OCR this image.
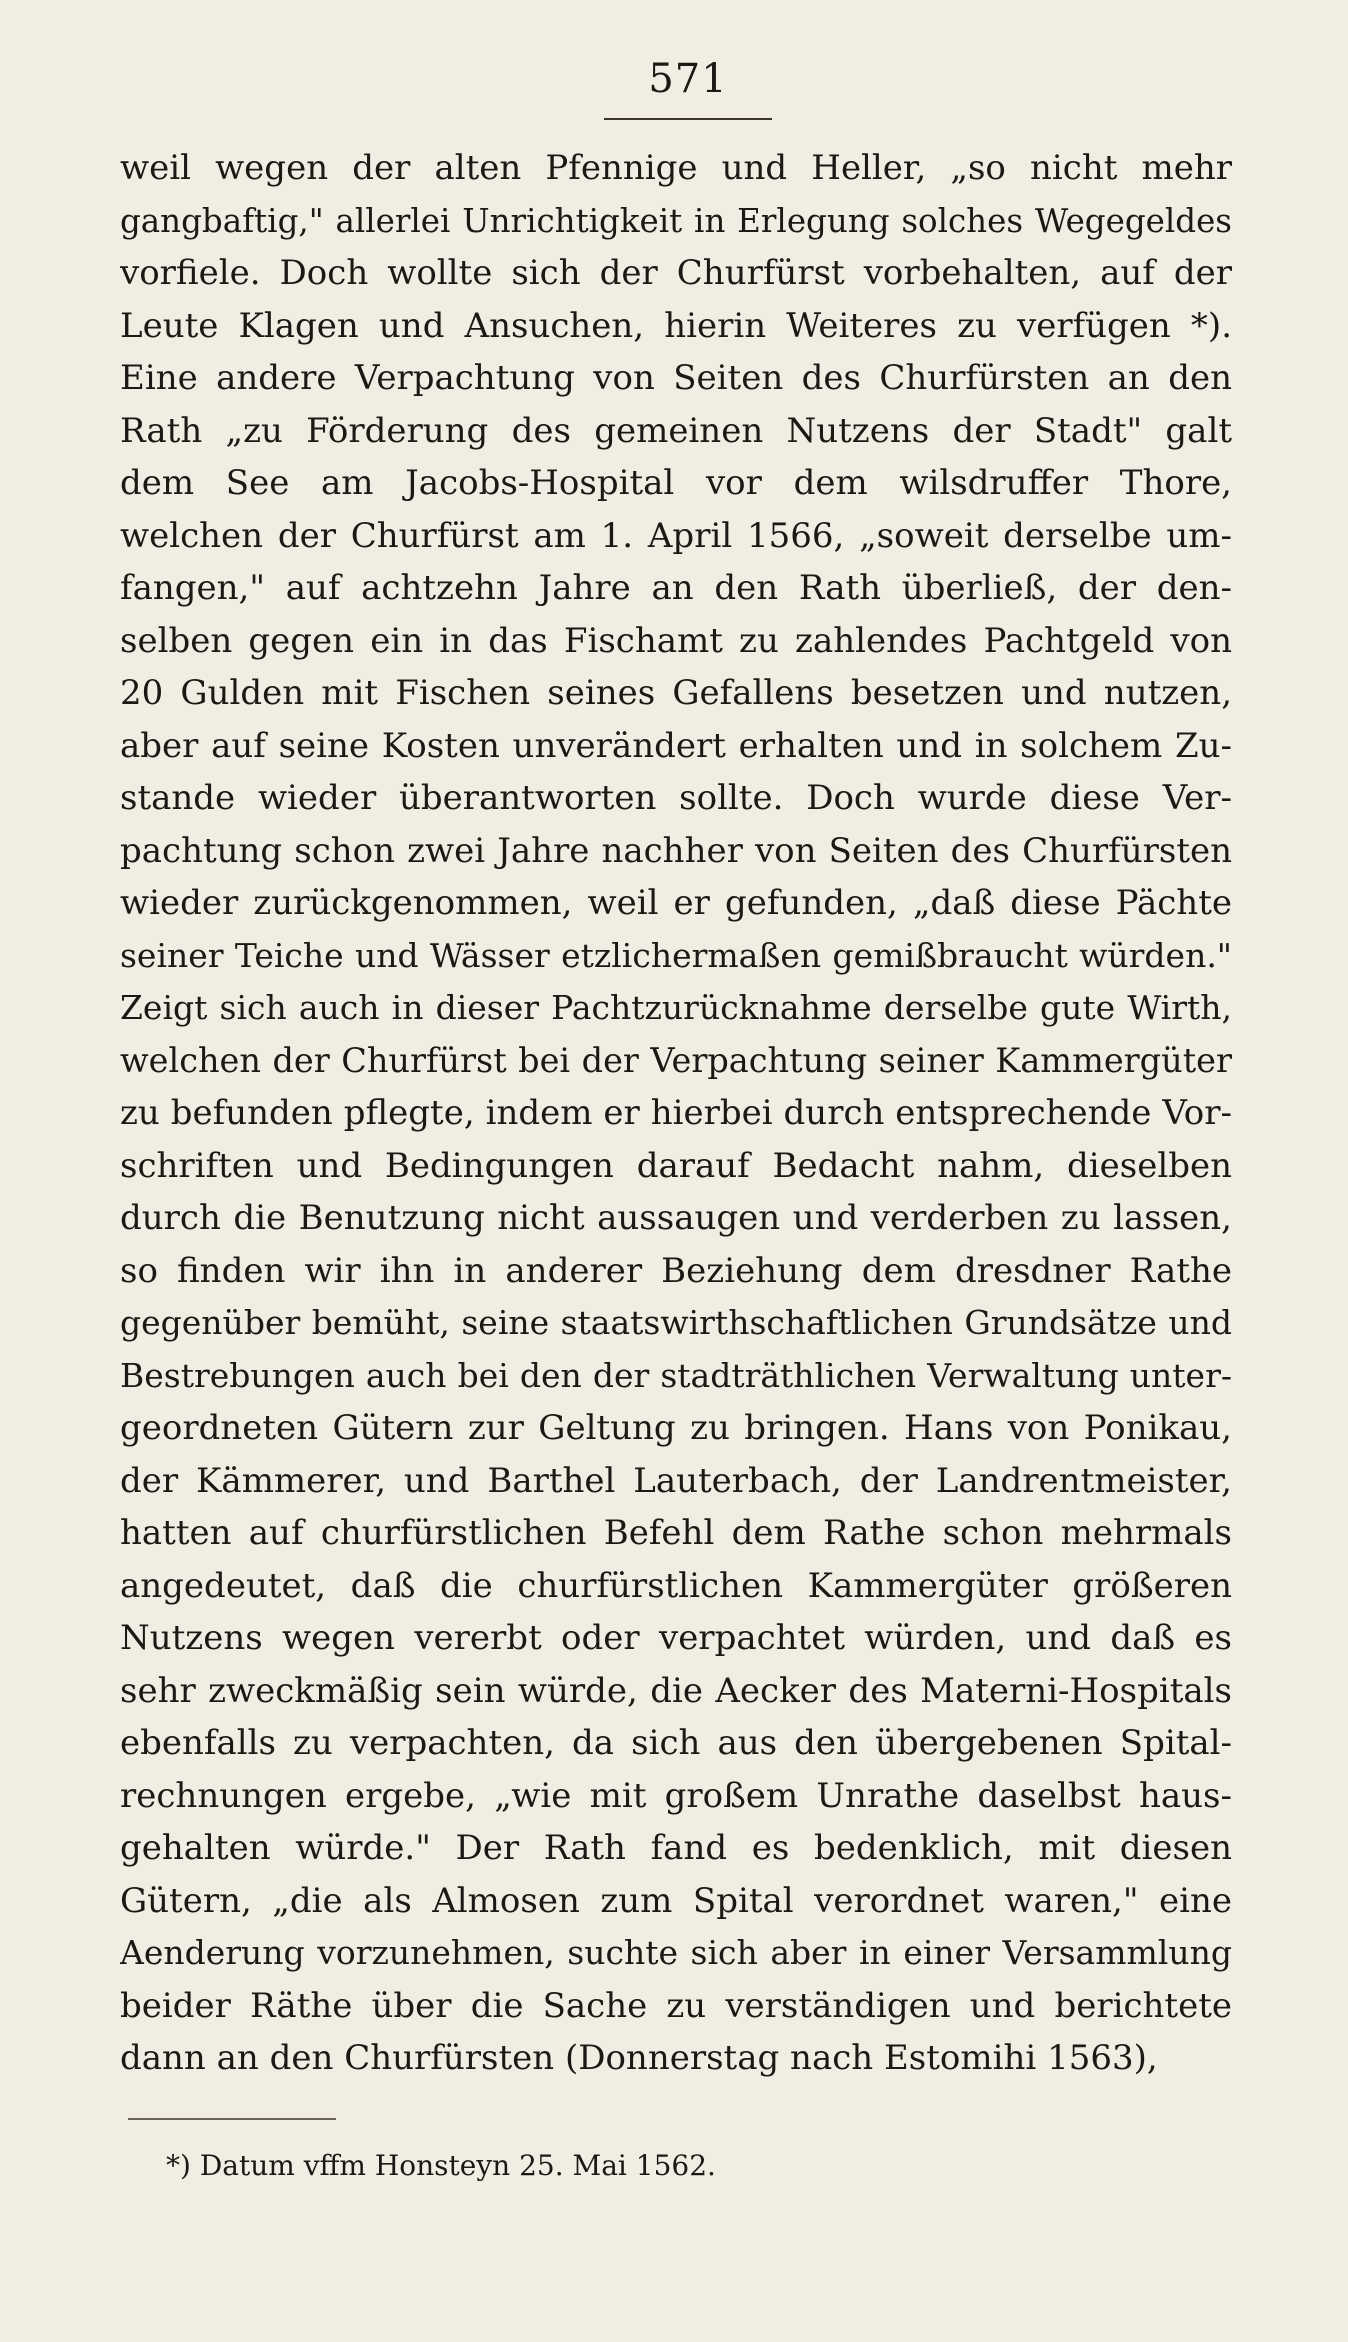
571
weil wegen der alten Pfennige und Heller, „so nicht mehr
gangbaftig," allerlei Unrichtigkeit in Erlegung solches Wegegeldes
vorfiele. Doch wollte sich der Churfürst vorbehalten, auf der
Leute Klagen und Ansuchen, hierin Weiteres zu verfügen *).
Eine andere Verpachtung von Seiten des Churfürsten an den
Rath „zu Förderung des gemeinen Nutzens der Stadt" galt
dem See am Jacobs-Hospital vor dem wilsdruffer Thore,
welchen der Churfürst am 1. April 1566, „soweit derselbe um-
fangen," auf achtzehn Jahre an den Rath überließ, der den-
selben gegen ein in das Fischamt zu zahlendes Pachtgeld von
20 Gulden mit Fischen seines Gefallens besetzen und nutzen,
aber auf seine Kosten unverändert erhalten und in solchem Zu-
stande wieder überantworten sollte. Doch wurde diese Ver-
pachtung schon zwei Jahre nachher von Seiten des Churfürsten
wieder zurückgenommen, weil er gefunden, „daß diese Pächte
seiner Teiche und Wässer etzlichermaßen gemißbraucht würden."
Zeigt sich auch in dieser Pachtzurücknahme derselbe gute Wirth,
welchen der Churfürst bei der Verpachtung seiner Kammergüter
zu befunden pflegte, indem er hierbei durch entsprechende Vor-
schriften und Bedingungen darauf Bedacht nahm, dieselben
durch die Benutzung nicht aussaugen und verderben zu lassen,
so finden wir ihn in anderer Beziehung dem dresdner Rathe
gegenüber bemüht, seine staatswirthschaftlichen Grundsätze und
Bestrebungen auch bei den der stadträthlichen Verwaltung unter-
geordneten Gütern zur Geltung zu bringen. Hans von Ponikau,
der Kämmerer, und Barthel Lauterbach, der Landrentmeister,
hatten auf churfürstlichen Befehl dem Rathe schon mehrmals
angedeutet, daß die churfürstlichen Kammergüter größeren
Nutzens wegen vererbt oder verpachtet würden, und daß es
sehr zweckmäßig sein würde, die Aecker des Materni-Hospitals
ebenfalls zu verpachten, da sich aus den übergebenen Spital-
rechnungen ergebe, „wie mit großem Unrathe daselbst haus-
gehalten würde." Der Rath fand es bedenklich, mit diesen
Gütern, „die als Almosen zum Spital verordnet waren," eine
Aenderung vorzunehmen, suchte sich aber in einer Versammlung
beider Räthe über die Sache zu verständigen und berichtete
dann an den Churfürsten (Donnerstag nach Estomihi 1563),
*) Datum vffm Honsteyn 25. Mai 1562.
